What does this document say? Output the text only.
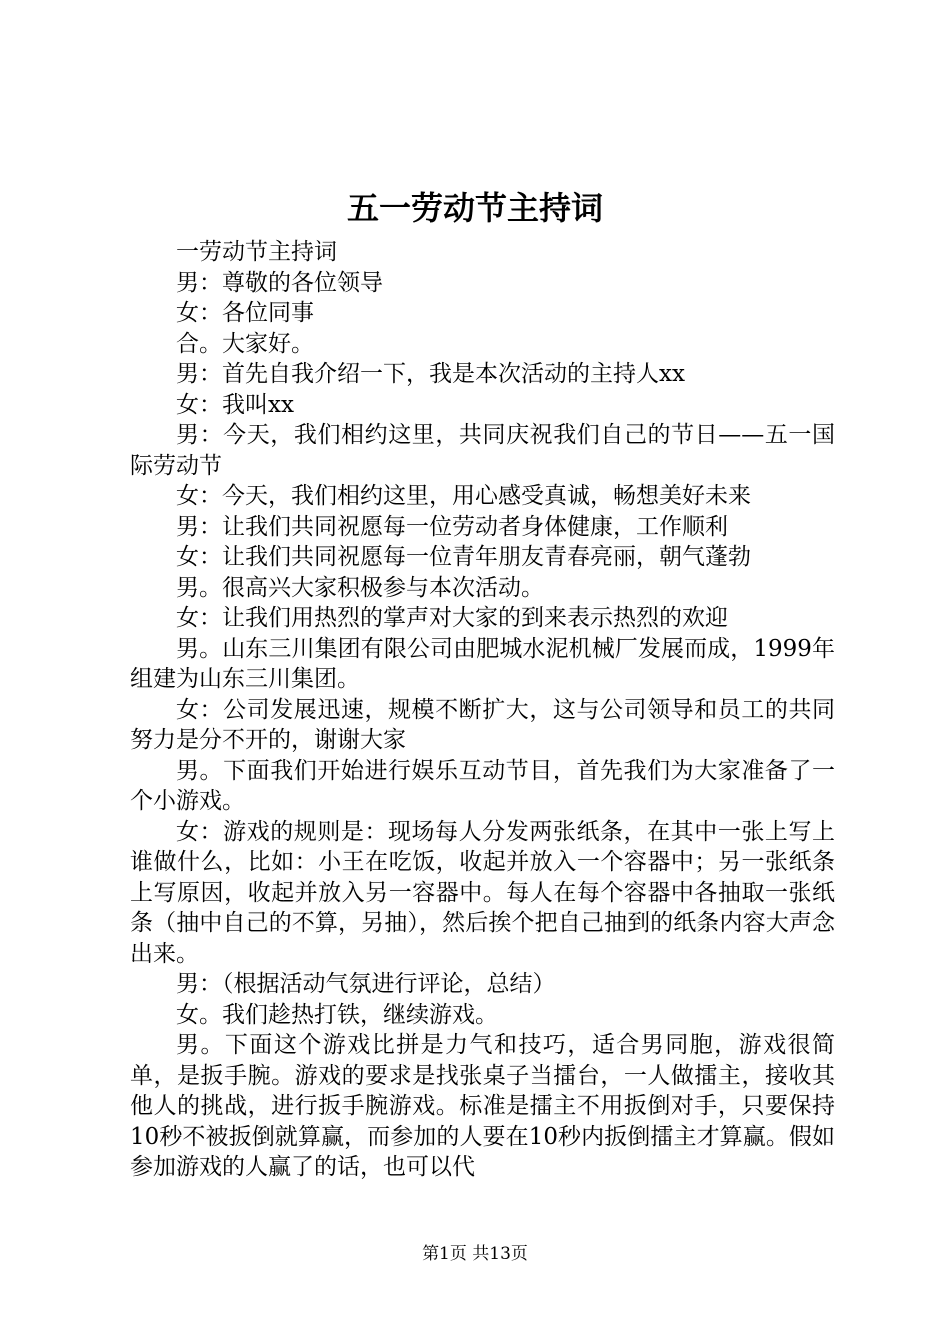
五一劳动节主持词

一劳动节主持词

男：尊敬的各位领导

女：各位同事

合。大家好。

男：首先自我介绍一下，我是本次活动的主持人xx

女：我叫xx

男：今天，我们相约这里，共同庆祝我们自己的节日——五一国际劳动节

女：今天，我们相约这里，用心感受真诚，畅想美好未来

男：让我们共同祝愿每一位劳动者身体健康，工作顺利

女：让我们共同祝愿每一位青年朋友青春亮丽，朝气蓬勃

男。很高兴大家积极参与本次活动。

女：让我们用热烈的掌声对大家的到来表示热烈的欢迎

男。山东三川集团有限公司由肥城水泥机械厂发展而成，1999年组建为山东三川集团。

女：公司发展迅速，规模不断扩大，这与公司领导和员工的共同努力是分不开的，谢谢大家

男。下面我们开始进行娱乐互动节目，首先我们为大家准备了一个小游戏。

女：游戏的规则是：现场每人分发两张纸条，在其中一张上写上谁做什么，比如：小王在吃饭，收起并放入一个容器中；另一张纸条上写原因，收起并放入另一容器中。每人在每个容器中各抽取一张纸条（抽中自己的不算，另抽），然后挨个把自己抽到的纸条内容大声念出来。

男：（根据活动气氛进行评论，总结）

女。我们趁热打铁，继续游戏。

男。下面这个游戏比拼是力气和技巧，适合男同胞，游戏很简单，是扳手腕。游戏的要求是找张桌子当擂台，一人做擂主，接收其他人的挑战，进行扳手腕游戏。标准是擂主不用扳倒对手，只要保持10秒不被扳倒就算赢，而参加的人要在10秒内扳倒擂主才算赢。假如参加游戏的人赢了的话，也可以代

第1页 共13页
